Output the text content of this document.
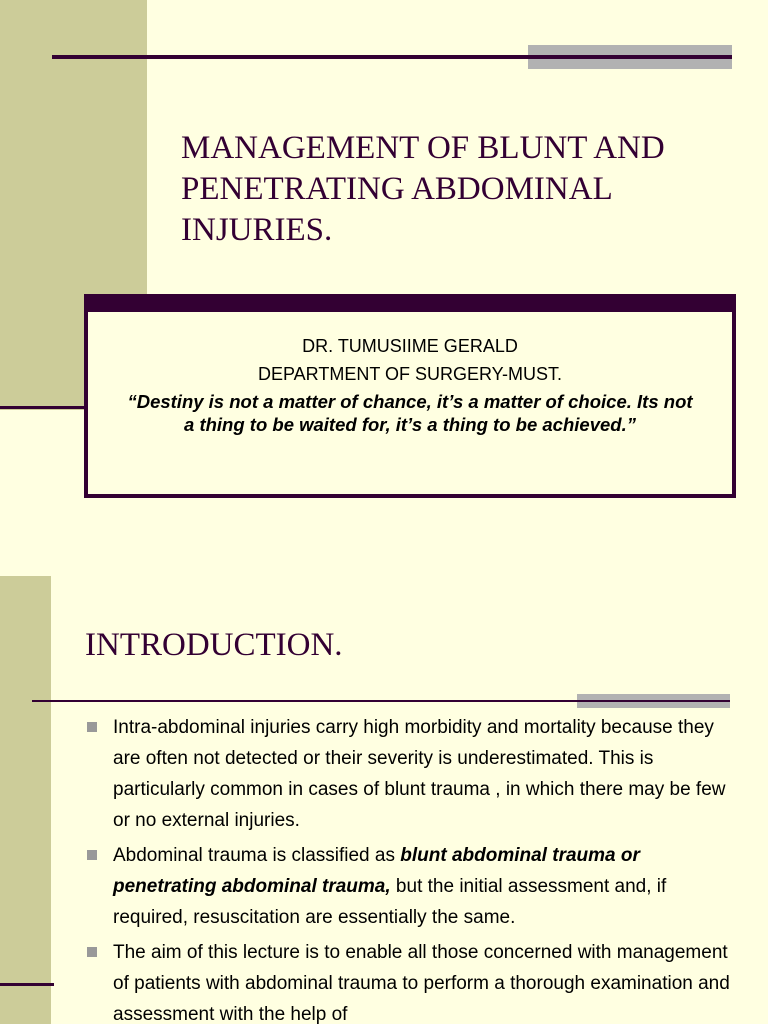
MANAGEMENT OF BLUNT AND
PENETRATING ABDOMINAL
INJURIES.
DR. TUMUSIIME GERALD
DEPARTMENT OF SURGERY-MUST.
“Destiny is not a matter of chance, it’s a matter of choice. Its not a thing to be waited for, it’s a thing to be achieved.”
INTRODUCTION.
Intra-abdominal injuries carry high morbidity and mortality because they are often not detected or their severity is underestimated. This is particularly common in cases of blunt trauma , in which there may be few or no external injuries.
Abdominal trauma is classified as blunt abdominal trauma or penetrating abdominal trauma, but the initial assessment and, if required, resuscitation are essentially the same.
The aim of this lecture is to enable all those concerned with management of patients with abdominal trauma to perform a thorough examination and assessment with the help of
